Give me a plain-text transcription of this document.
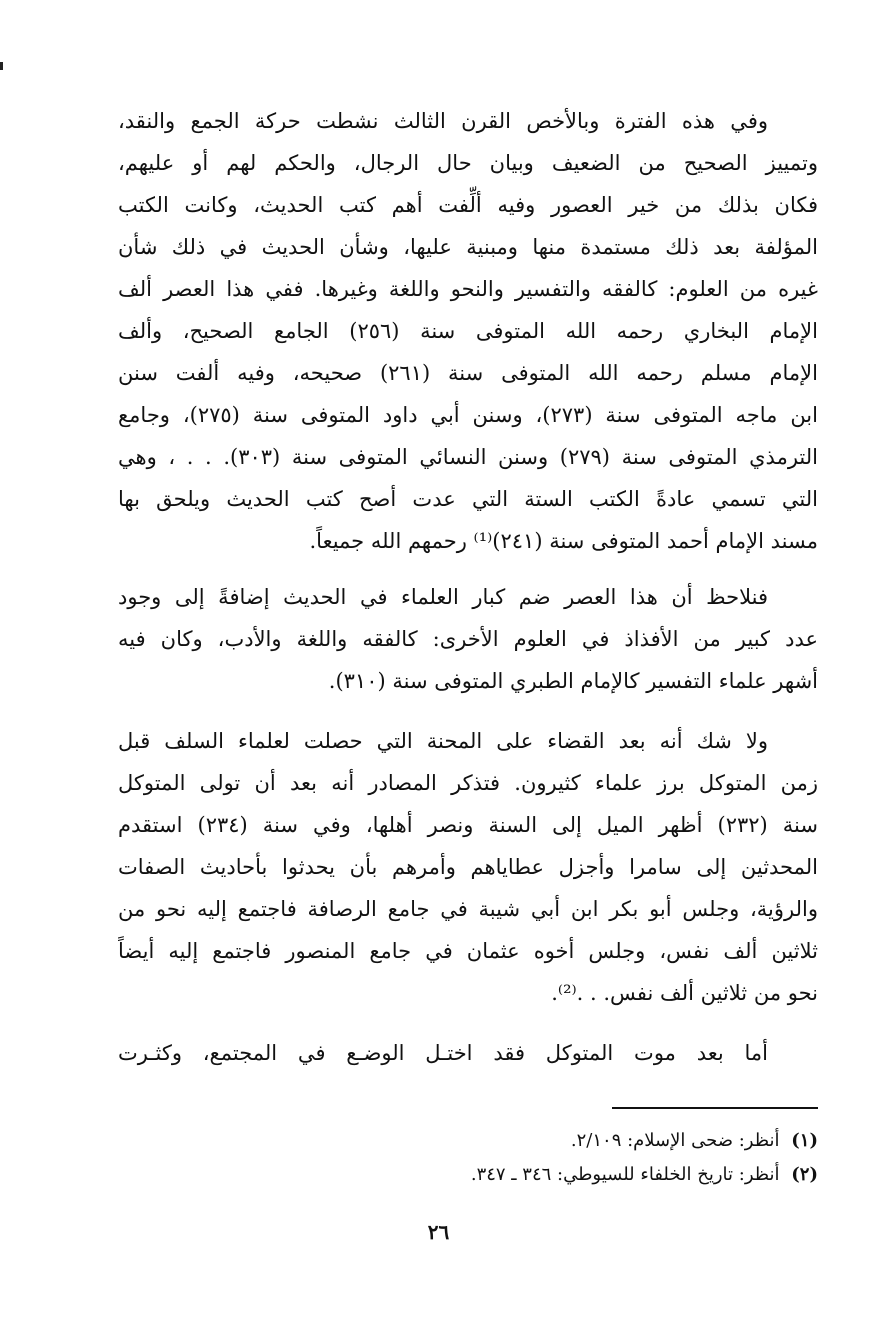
وفي هذه الفترة وبالأخص القرن الثالث نشطت حركة الجمع والنقد،
وتمييز الصحيح من الضعيف وبيان حال الرجال، والحكم لهم أو عليهم،
فكان بذلك من خير العصور وفيه ألِّفت أهم كتب الحديث، وكانت الكتب
المؤلفة بعد ذلك مستمدة منها ومبنية عليها، وشأن الحديث في ذلك شأن
غيره من العلوم: كالفقه والتفسير والنحو واللغة وغيرها. ففي هذا العصر ألف
الإمام البخاري رحمه الله المتوفى سنة (٢٥٦) الجامع الصحيح، وألف
الإمام مسلم رحمه الله المتوفى سنة (٢٦١) صحيحه، وفيه ألفت سنن
ابن ماجه المتوفى سنة (٢٧٣)، وسنن أبي داود المتوفى سنة (٢٧٥)، وجامع
الترمذي المتوفى سنة (٢٧٩) وسنن النسائي المتوفى سنة (٣٠٣). . . ، وهي
التي تسمي عادةً الكتب الستة التي عدت أصح كتب الحديث ويلحق بها
مسند الإمام أحمد المتوفى سنة (٢٤١)⁽¹⁾ رحمهم الله جميعاً.
فنلاحظ أن هذا العصر ضم كبار العلماء في الحديث إضافةً إلى وجود
عدد كبير من الأفذاذ في العلوم الأخرى: كالفقه واللغة والأدب، وكان فيه
أشهر علماء التفسير كالإمام الطبري المتوفى سنة (٣١٠).
ولا شك أنه بعد القضاء على المحنة التي حصلت لعلماء السلف قبل
زمن المتوكل برز علماء كثيرون. فتذكر المصادر أنه بعد أن تولى المتوكل
سنة (٢٣٢) أظهر الميل إلى السنة ونصر أهلها، وفي سنة (٢٣٤) استقدم
المحدثين إلى سامرا وأجزل عطاياهم وأمرهم بأن يحدثوا بأحاديث الصفات
والرؤية، وجلس أبو بكر ابن أبي شيبة في جامع الرصافة فاجتمع إليه نحو من
ثلاثين ألف نفس، وجلس أخوه عثمان في جامع المنصور فاجتمع إليه أيضاً
نحو من ثلاثين ألف نفس. . .⁽²⁾.
أما بعد موت المتوكل فقد اختـل الوضـع في المجتمع، وكثـرت
(١) أنظر: ضحى الإسلام: ٢/١٠٩.
(٢) أنظر: تاريخ الخلفاء للسيوطي: ٣٤٦ ـ ٣٤٧.
٢٦
